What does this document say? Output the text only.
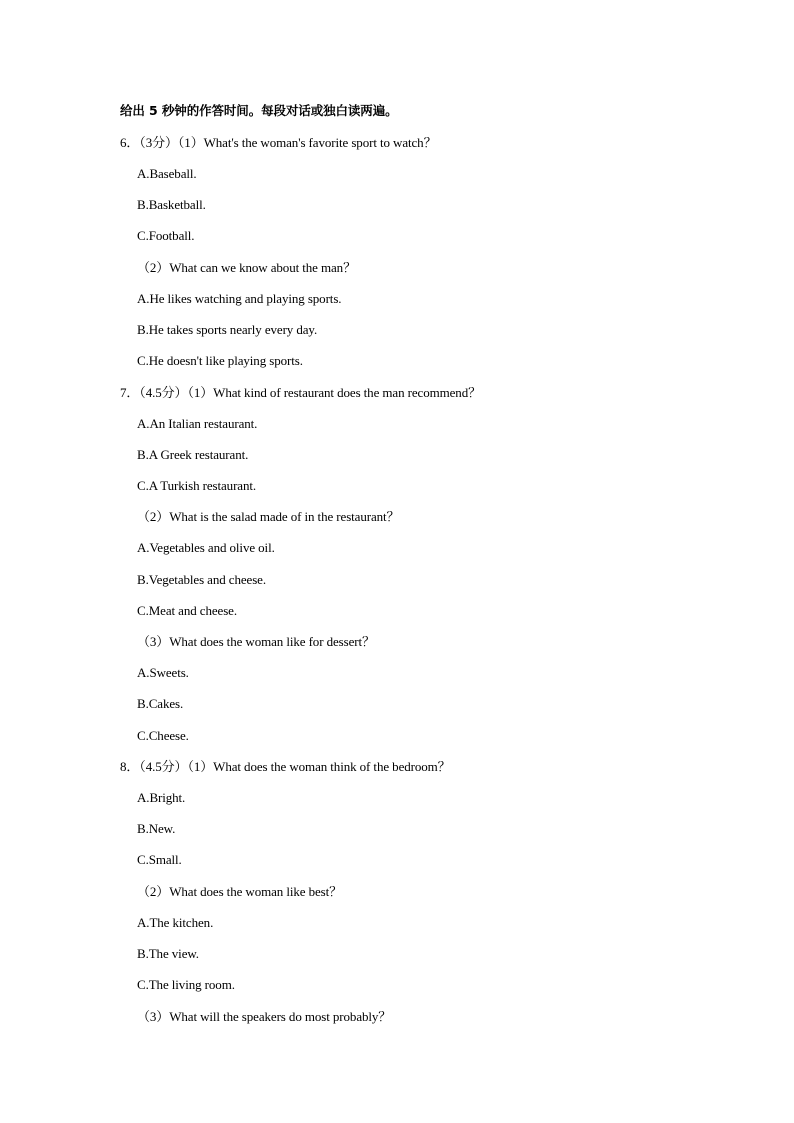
给出 5 秒钟的作答时间。每段对话或独白读两遍。
6．（3分）（1）What's the woman's favorite sport to watch？
A.Baseball.
B.Basketball.
C.Football.
（2）What can we know about the man？
A.He likes watching and playing sports.
B.He takes sports nearly every day.
C.He doesn't like playing sports.
7．（4.5分）（1）What kind of restaurant does the man recommend？
A.An Italian restaurant.
B.A Greek restaurant.
C.A Turkish restaurant.
（2）What is the salad made of in the restaurant？
A.Vegetables and olive oil.
B.Vegetables and cheese.
C.Meat and cheese.
（3）What does the woman like for dessert？
A.Sweets.
B.Cakes.
C.Cheese.
8．（4.5分）（1）What does the woman think of the bedroom？
A.Bright.
B.New.
C.Small.
（2）What does the woman like best？
A.The kitchen.
B.The view.
C.The living room.
（3）What will the speakers do most probably？
